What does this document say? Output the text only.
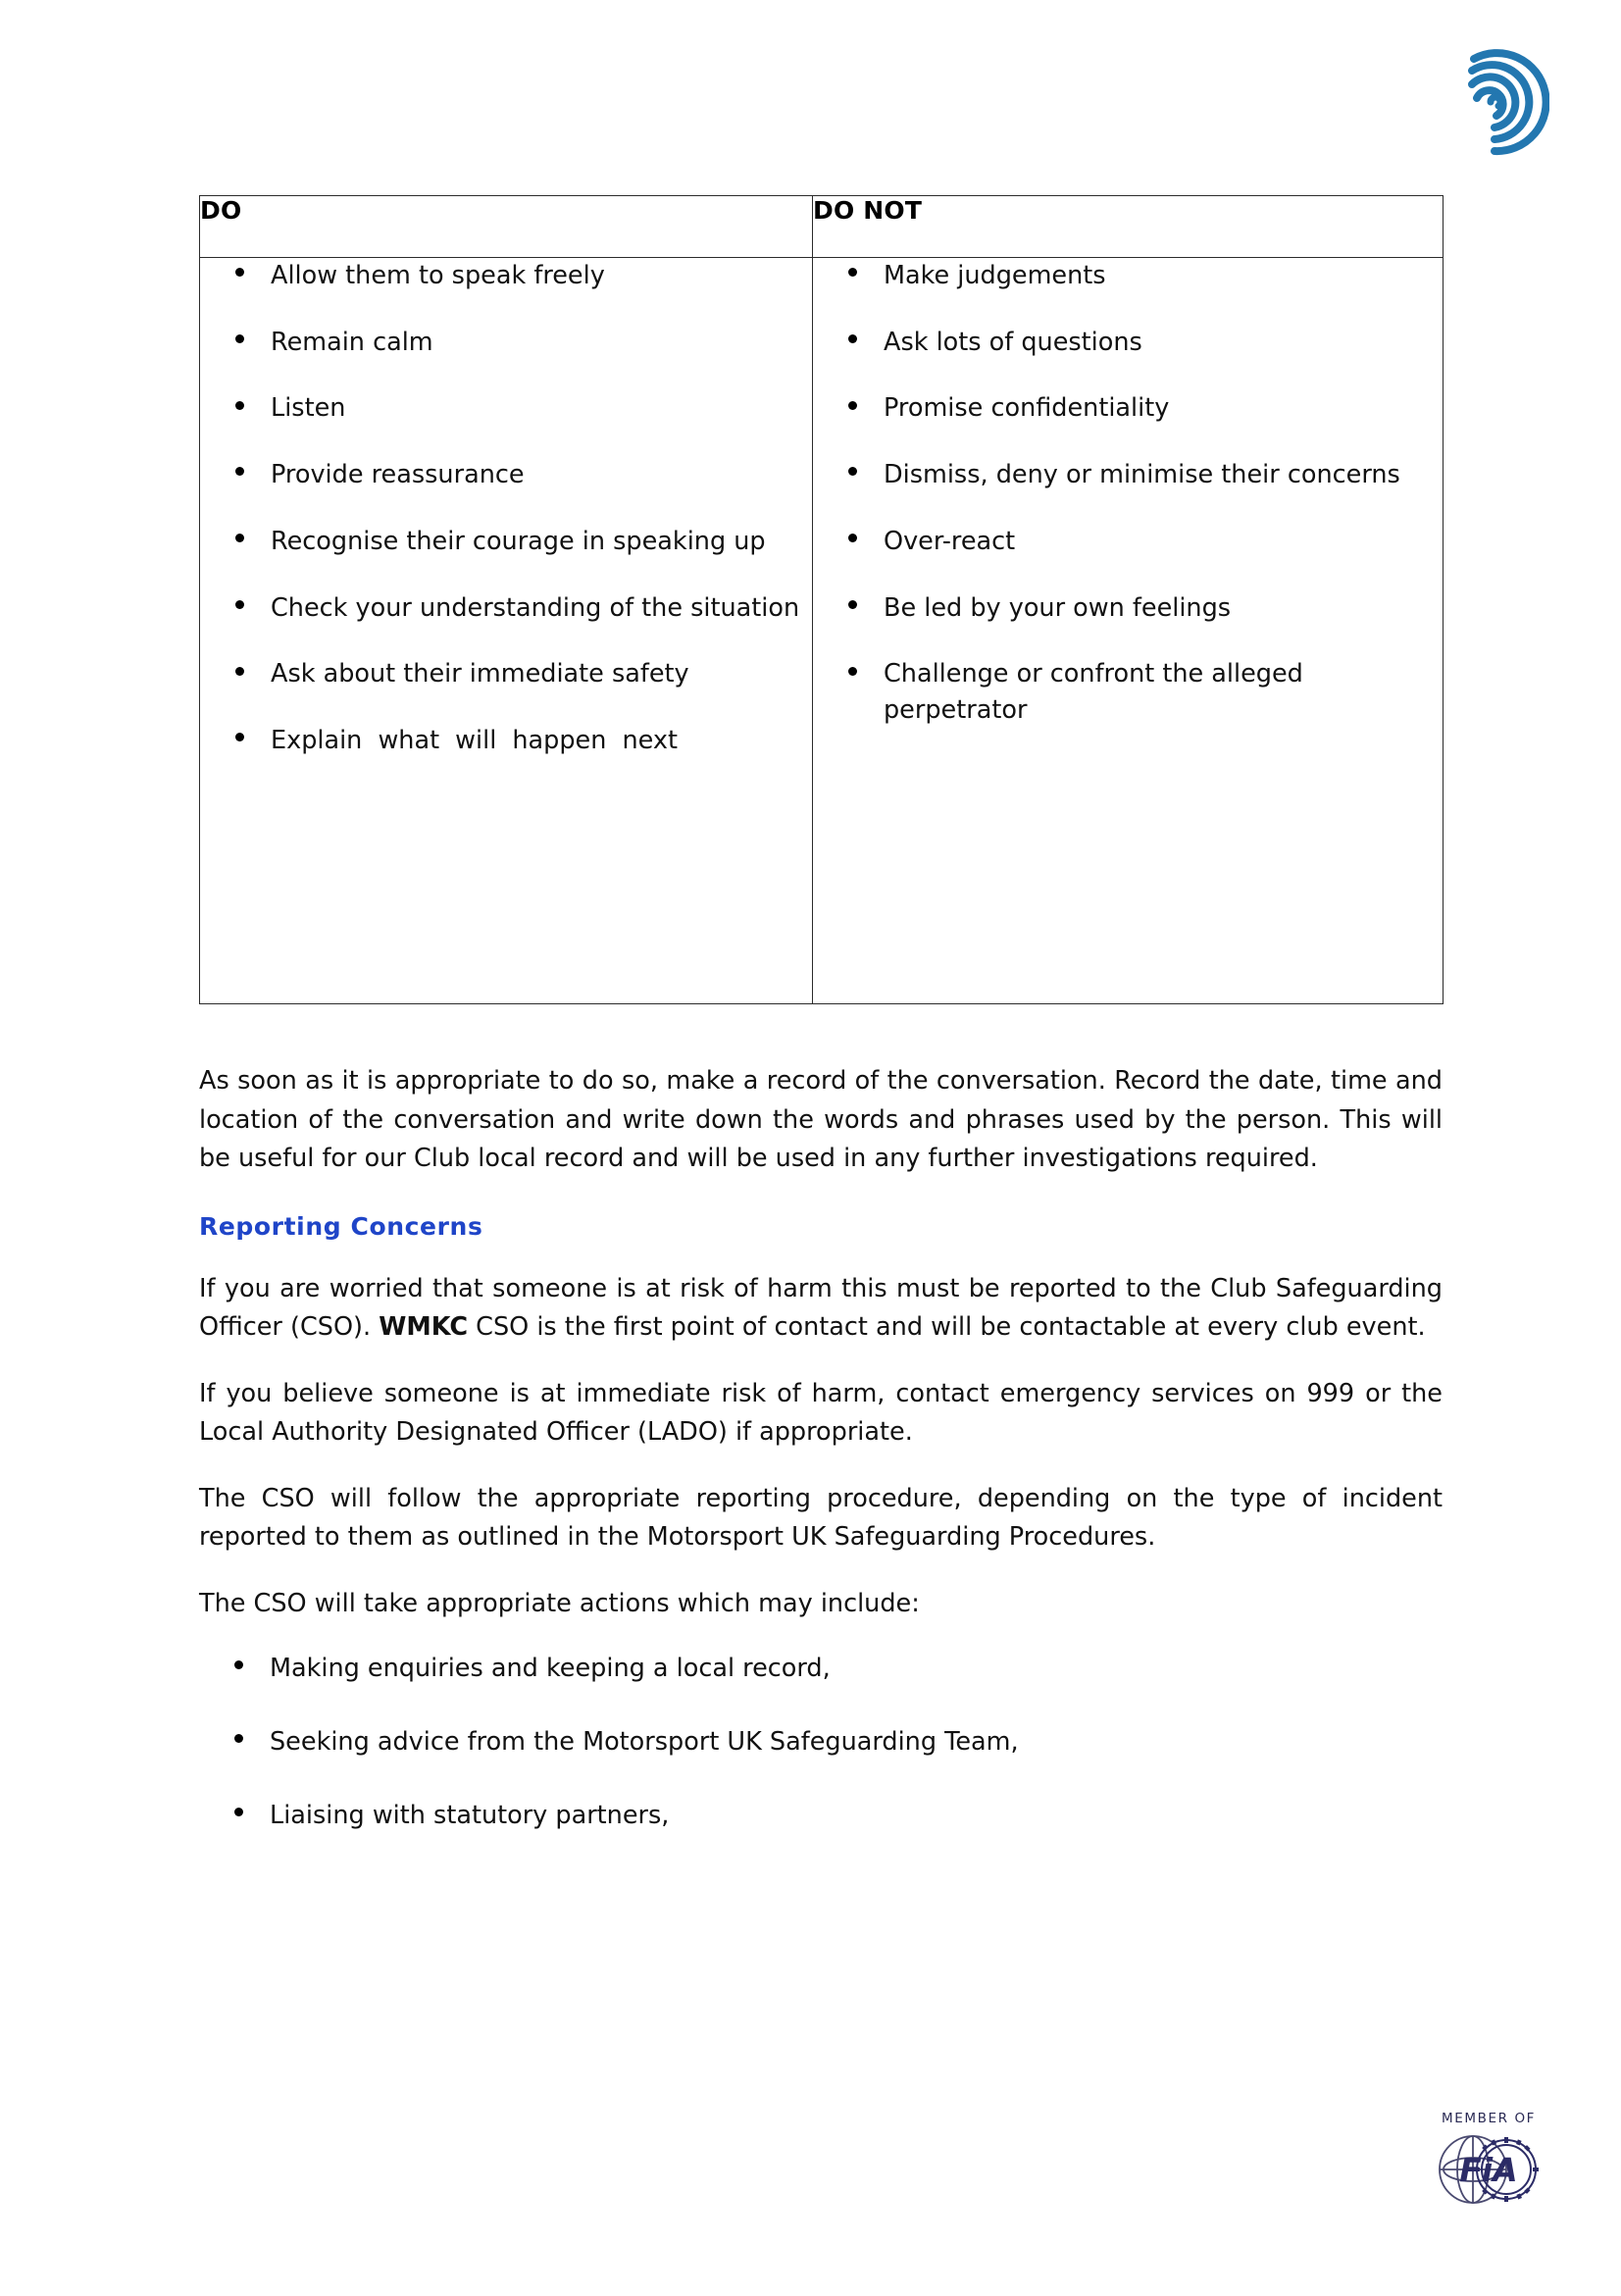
DO	DO NOT

Allow them to speak freely
Remain calm
Listen
Provide reassurance
Recognise their courage in speaking up
Check your understanding of the situation
Ask about their immediate safety
Explain what will happen next

Make judgements
Ask lots of questions
Promise confidentiality
Dismiss, deny or minimise their concerns
Over-react
Be led by your own feelings
Challenge or confront the alleged perpetrator

As soon as it is appropriate to do so, make a record of the conversation. Record the date, time and location of the conversation and write down the words and phrases used by the person. This will be useful for our Club local record and will be used in any further investigations required.

Reporting Concerns

If you are worried that someone is at risk of harm this must be reported to the Club Safeguarding Officer (CSO). WMKC CSO is the first point of contact and will be contactable at every club event.

If you believe someone is at immediate risk of harm, contact emergency services on 999 or the Local Authority Designated Officer (LADO) if appropriate.

The CSO will follow the appropriate reporting procedure, depending on the type of incident reported to them as outlined in the Motorsport UK Safeguarding Procedures.

The CSO will take appropriate actions which may include:

Making enquiries and keeping a local record,
Seeking advice from the Motorsport UK Safeguarding Team,
Liaising with statutory partners,
MEMBER OF
FiA
